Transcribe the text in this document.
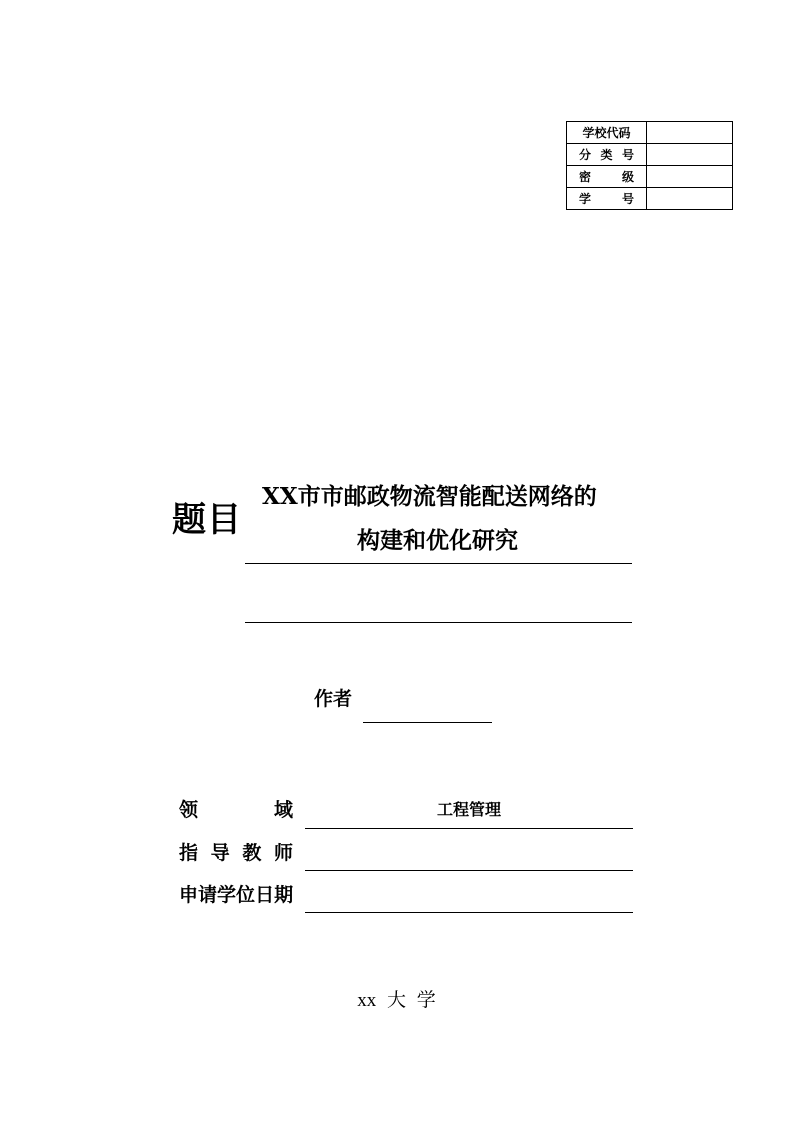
学校代码	

分 类 号	

密 级	

学 号	

题目
XX市市邮政物流智能配送网络的
构建和优化研究
作者
领	域	工程管理
指 导 教 师
申 请 学 位 日 期
xx 大 学
